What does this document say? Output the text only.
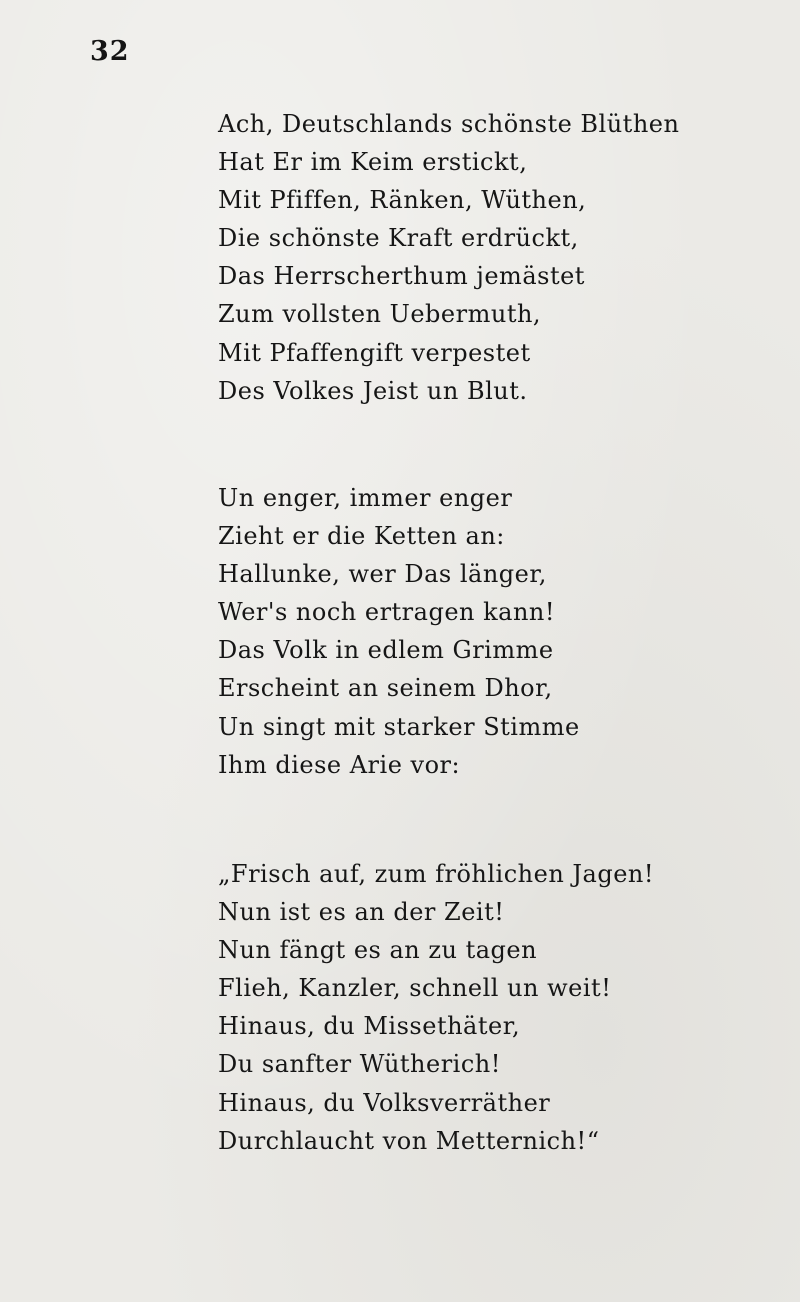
32

Ach, Deutschlands schönste Blüthen
Hat Er im Keim erstickt,
Mit Pfiffen, Ränken, Wüthen,
Die schönste Kraft erdrückt,
Das Herrscherthum jemästet
Zum vollsten Uebermuth,
Mit Pfaffengift verpestet
Des Volkes Jeist un Blut.
Un enger, immer enger
Zieht er die Ketten an:
Hallunke, wer Das länger,
Wer's noch ertragen kann!
Das Volk in edlem Grimme
Erscheint an seinem Dhor,
Un singt mit starker Stimme
Ihm diese Arie vor:
„Frisch auf, zum fröhlichen Jagen!
Nun ist es an der Zeit!
Nun fängt es an zu tagen
Flieh, Kanzler, schnell un weit!
Hinaus, du Missethäter,
Du sanfter Wütherich!
Hinaus, du Volksverräther
Durchlaucht von Metternich!“
